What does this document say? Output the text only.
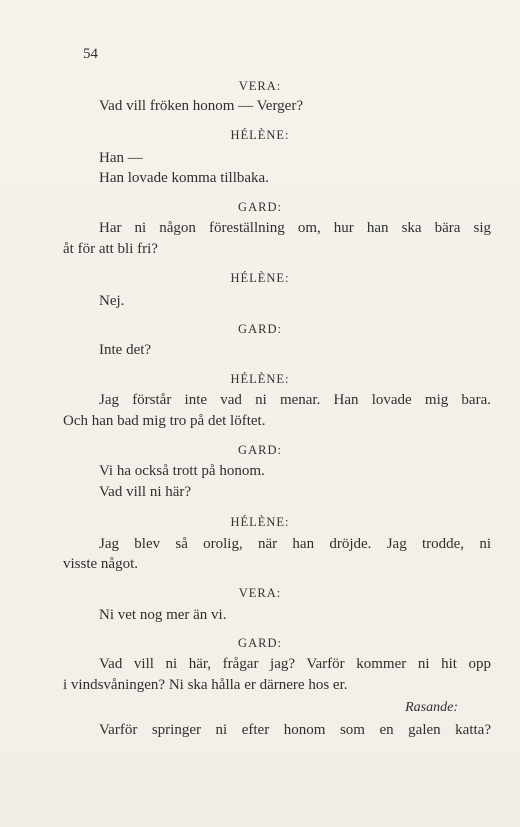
54
VERA:
Vad vill fröken honom — Verger?
HÉLÈNE:
Han —
Han lovade komma tillbaka.
GARD:
Har ni någon föreställning om, hur han ska bära sig
åt för att bli fri?
HÉLÈNE:
Nej.
GARD:
Inte det?
HÉLÈNE:
Jag förstår inte vad ni menar. Han lovade mig bara.
Och han bad mig tro på det löftet.
GARD:
Vi ha också trott på honom.
Vad vill ni här?
HÉLÈNE:
Jag blev så orolig, när han dröjde. Jag trodde, ni
visste något.
VERA:
Ni vet nog mer än vi.
GARD:
Vad vill ni här, frågar jag? Varför kommer ni hit opp
i vindsvåningen? Ni ska hålla er därnere hos er.
Rasande:
Varför springer ni efter honom som en galen katta?
